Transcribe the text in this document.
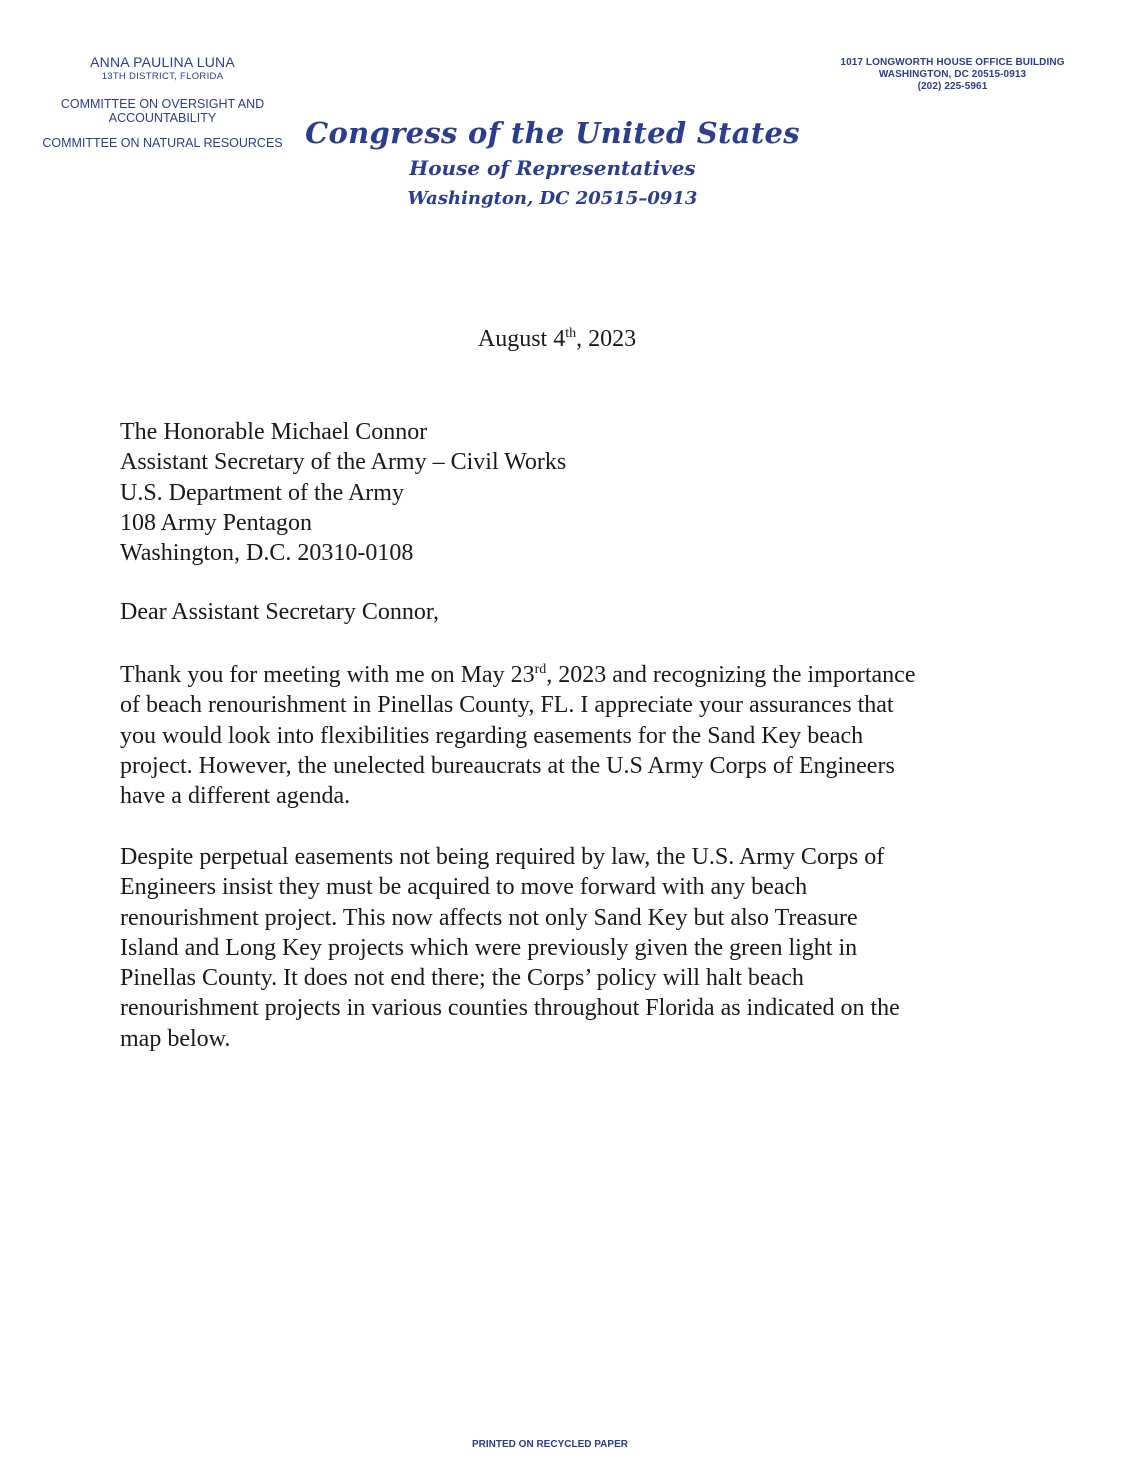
ANNA PAULINA LUNA
13TH DISTRICT, FLORIDA
COMMITTEE ON OVERSIGHT AND
ACCOUNTABILITY
COMMITTEE ON NATURAL RESOURCES
1017 LONGWORTH HOUSE OFFICE BUILDING
WASHINGTON, DC 20515-0913
(202) 225-5961
Congress of the United States
House of Representatives
Washington, DC 20515–0913
August 4th, 2023
The Honorable Michael Connor
Assistant Secretary of the Army – Civil Works
U.S. Department of the Army
108 Army Pentagon
Washington, D.C. 20310-0108
Dear Assistant Secretary Connor,
Thank you for meeting with me on May 23rd, 2023 and recognizing the importance
of beach renourishment in Pinellas County, FL. I appreciate your assurances that
you would look into flexibilities regarding easements for the Sand Key beach
project. However, the unelected bureaucrats at the U.S Army Corps of Engineers
have a different agenda.
Despite perpetual easements not being required by law, the U.S. Army Corps of
Engineers insist they must be acquired to move forward with any beach
renourishment project. This now affects not only Sand Key but also Treasure
Island and Long Key projects which were previously given the green light in
Pinellas County. It does not end there; the Corps’ policy will halt beach
renourishment projects in various counties throughout Florida as indicated on the
map below.
PRINTED ON RECYCLED PAPER
